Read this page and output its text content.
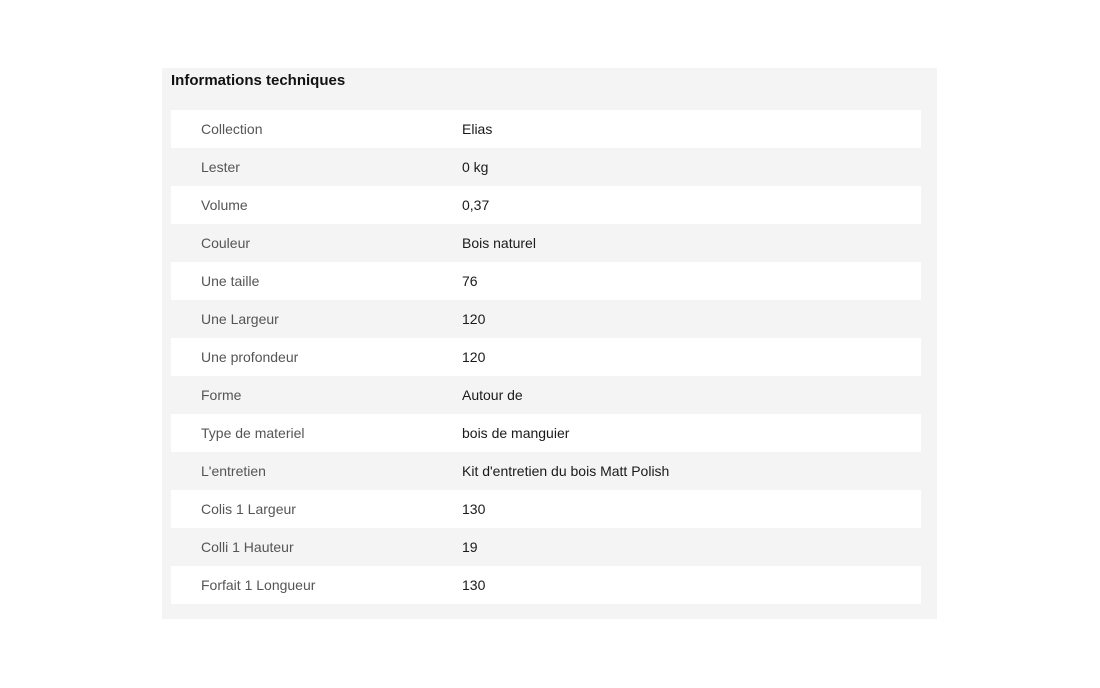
Informations techniques
Collection	Elias
Lester	0 kg
Volume	0,37
Couleur	Bois naturel
Une taille	76
Une Largeur	120
Une profondeur	120
Forme	Autour de
Type de materiel	bois de manguier
L'entretien	Kit d'entretien du bois Matt Polish
Colis 1 Largeur	130
Colli 1 Hauteur	19
Forfait 1 Longueur	130
